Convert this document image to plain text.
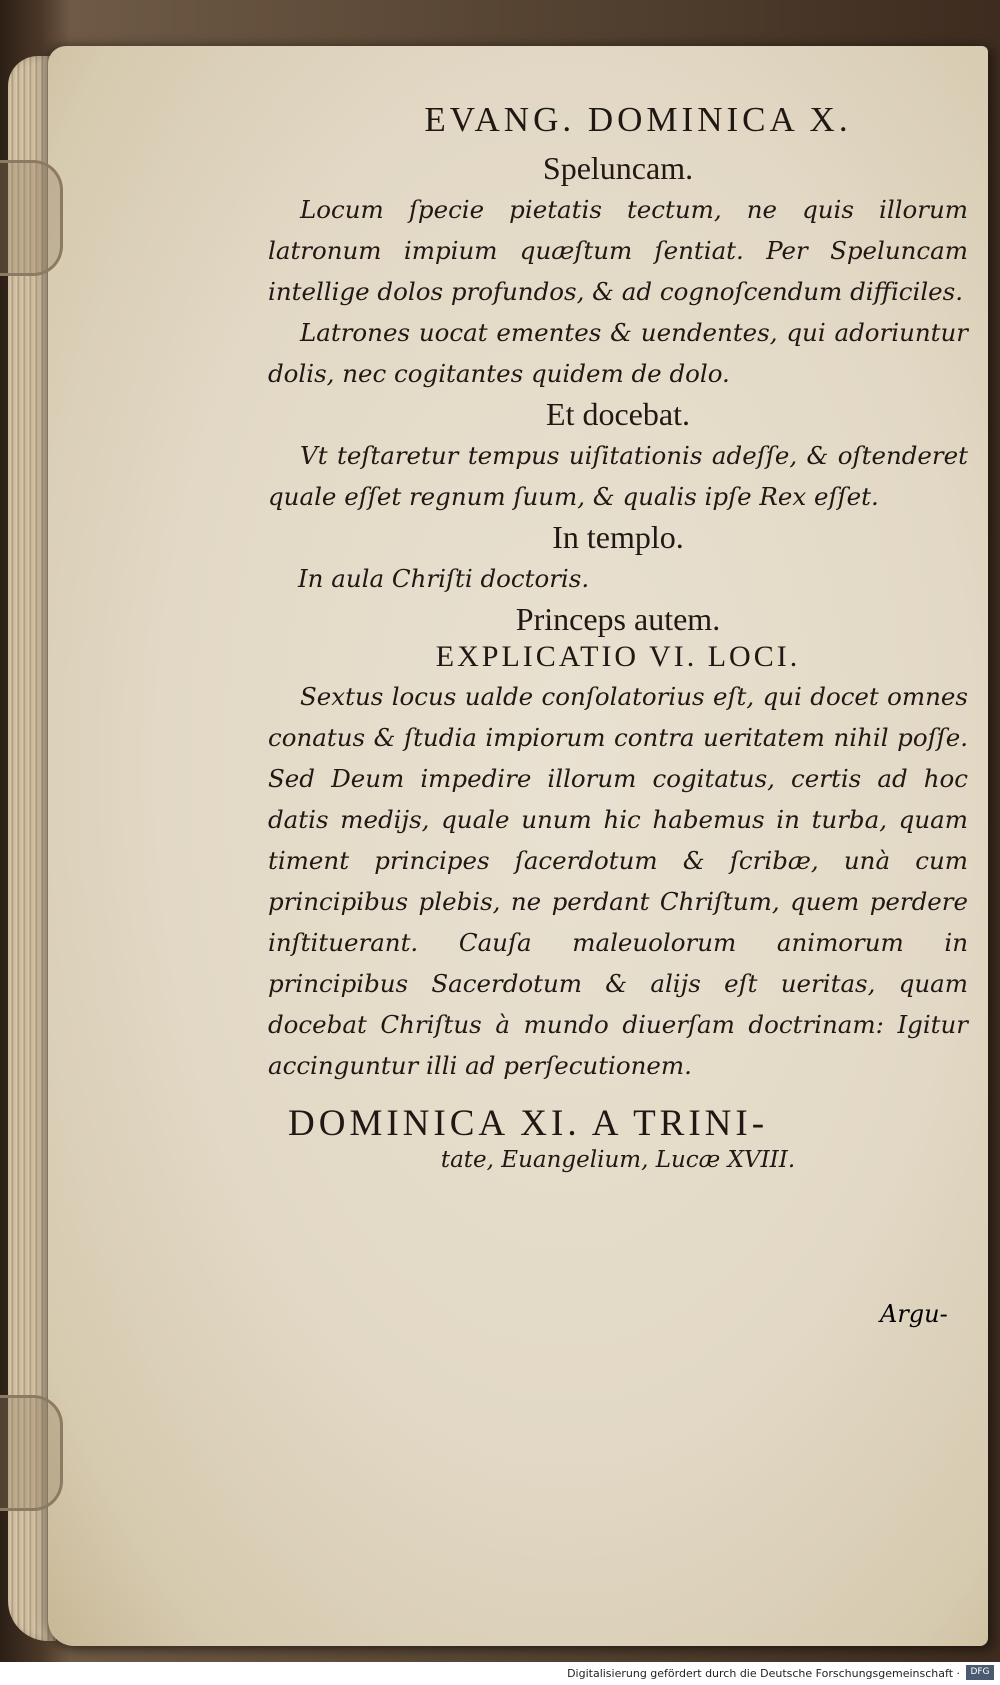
EVANG. DOMINICA X.
Speluncam.

Locum ſpecie pietatis tectum, ne quis illorum latronum impium quæſtum ſentiat. Per Speluncam intellige dolos profundos, & ad cognoſcendum difficiles.

Latrones uocat ementes & uendentes, qui adoriuntur dolis, nec cogitantes quidem de dolo.

Et docebat.

Vt teſtaretur tempus uiſitationis adeſſe, & oſtenderet quale eſſet regnum ſuum, & qualis ipſe Rex eſſet.

In templo.

In aula Chriſti doctoris.

Princeps autem.
EXPLICATIO VI. LOCI.

Sextus locus ualde conſolatorius eſt, qui docet omnes conatus & ſtudia impiorum contra ueritatem nihil poſſe. Sed Deum impedire illorum cogitatus, certis ad hoc datis medijs, quale unum hic habemus in turba, quam timent principes ſacerdotum & ſcribæ, unà cum principibus plebis, ne perdant Chriſtum, quem perdere inſtituerant. Cauſa maleuolorum animorum in principibus Sacerdotum & alijs eſt ueritas, quam docebat Chriſtus à mundo diuerſam doctrinam: Igitur accinguntur illi ad perſecutionem.

DOMINICA XI. A TRINI-
tate, Euangelium, Lucæ XVIII.
Argu-
Digitalisierung gefördert durch die Deutsche Forschungsgemeinschaft ·	DFG
